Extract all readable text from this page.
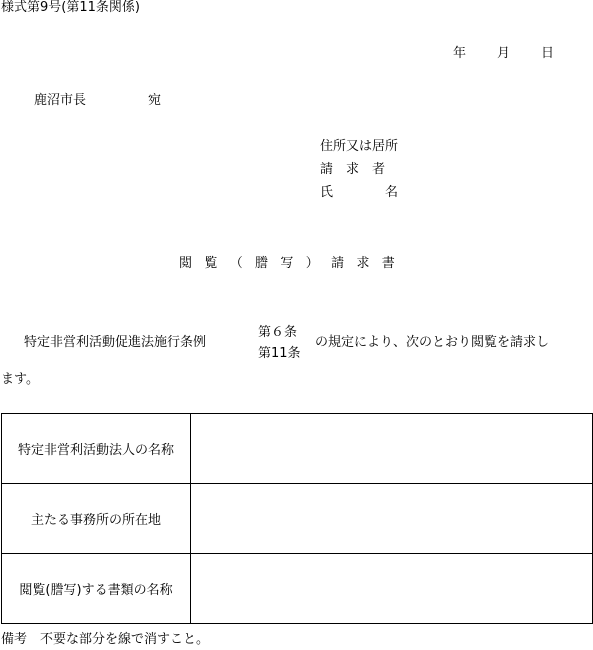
様式第9号(第11条関係)
年 月 日
鹿沼市長	宛
住所又は居所
請　求　者
氏　　　　名
閲覧（謄写）請求書
特定非営利活動促進法施行条例
第６条
第11条
の規定により、次のとおり閲覧を請求し
ます。
特定非営利活動法人の名称	
主たる事務所の所在地	
閲覧(謄写)する書類の名称	
備考　不要な部分を線で消すこと。
